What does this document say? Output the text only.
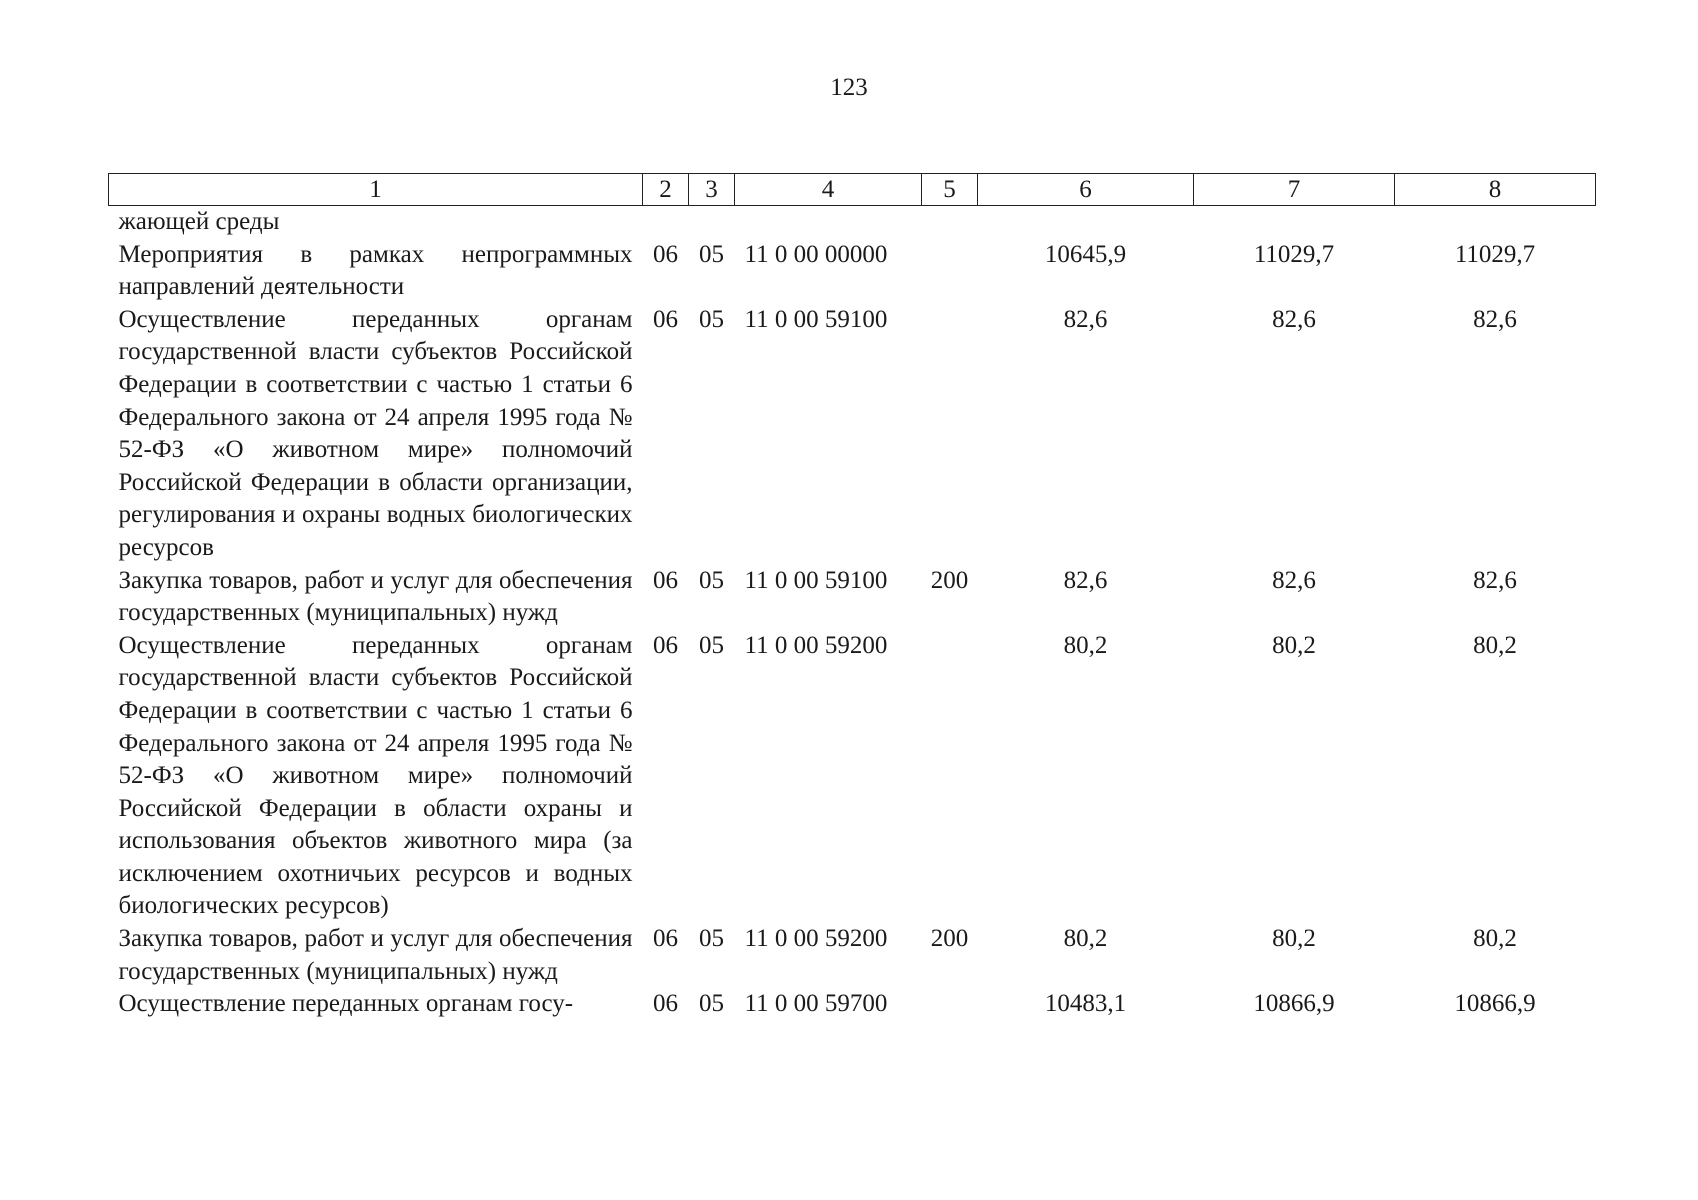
123
1	2	3	4	5	6	7	8
жающей среды							
Мероприятия в рамках непрограммных направлений деятельности	06	05	11 0 00 00000		10645,9	11029,7	11029,7
Осуществление переданных органам государственной власти субъектов Российской Федерации в соответствии с частью 1 статьи 6 Федерального закона от 24 апреля 1995 года № 52-ФЗ «О животном мире» полномочий Российской Федерации в области организации, регулирования и охраны водных биологических ресурсов	06	05	11 0 00 59100		82,6	82,6	82,6
Закупка товаров, работ и услуг для обеспечения государственных (муниципальных) нужд	06	05	11 0 00 59100	200	82,6	82,6	82,6
Осуществление переданных органам государственной власти субъектов Российской Федерации в соответствии с частью 1 статьи 6 Федерального закона от 24 апреля 1995 года № 52-ФЗ «О животном мире» полномочий Российской Федерации в области охраны и использования объектов животного мира (за исключением охотничьих ресурсов и водных биологических ресурсов)	06	05	11 0 00 59200		80,2	80,2	80,2
Закупка товаров, работ и услуг для обеспечения государственных (муниципальных) нужд	06	05	11 0 00 59200	200	80,2	80,2	80,2
Осуществление переданных органам госу-	06	05	11 0 00 59700		10483,1	10866,9	10866,9
